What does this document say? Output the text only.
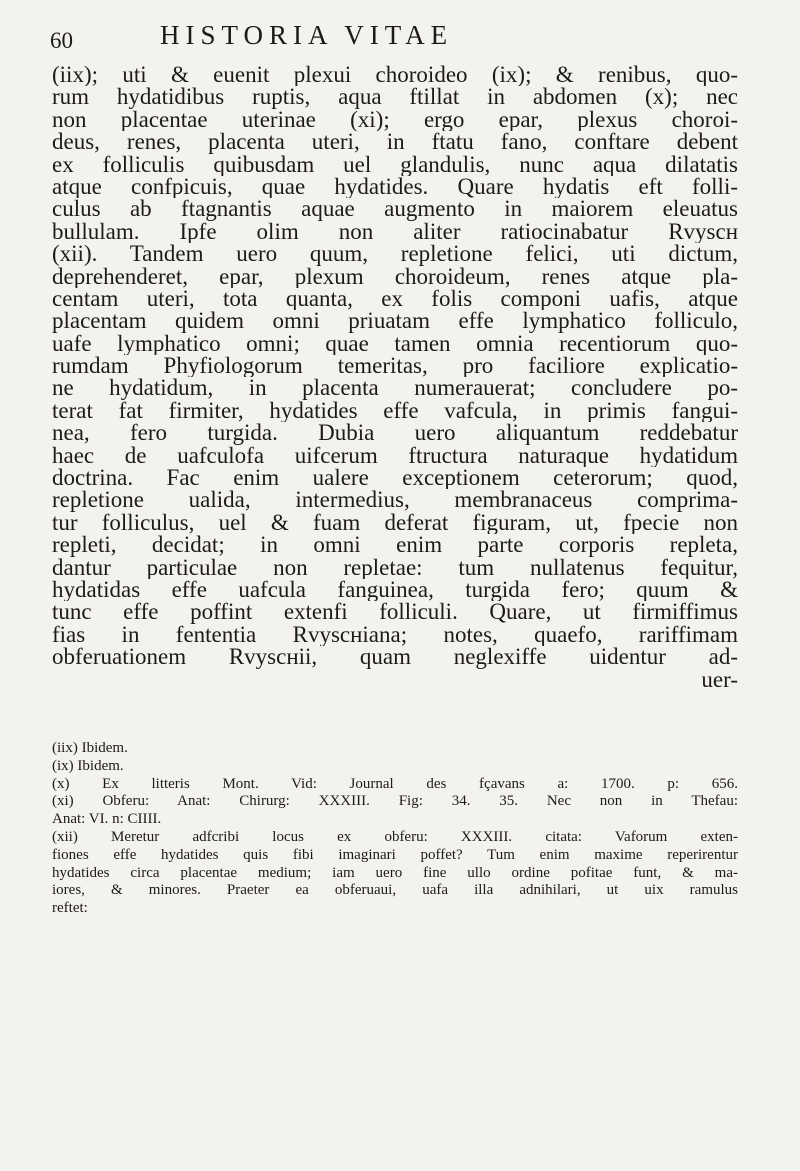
60	HISTORIA VITAE
(iix); uti & euenit plexui choroideo (ix); & renibus, quo-
rum hydatidibus ruptis, aqua ftillat in abdomen (x); nec
non placentae uterinae (xi); ergo epar, plexus choroi-
deus, renes, placenta uteri, in ftatu fano, conftare debent
ex folliculis quibusdam uel glandulis, nunc aqua dilatatis
atque confpicuis, quae hydatides. Quare hydatis eft folli-
culus ab ftagnantis aquae augmento in maiorem eleuatus
bullulam. Ipfe olim non aliter ratiocinabatur Rvyscн
(xii). Tandem uero quum, repletione felici, uti dictum,
deprehenderet, epar, plexum choroideum, renes atque pla-
centam uteri, tota quanta, ex folis componi uafis, atque
placentam quidem omni priuatam effe lymphatico folliculo,
uafe lymphatico omni; quae tamen omnia recentiorum quo-
rumdam Phyfiologorum temeritas, pro faciliore explicatio-
ne hydatidum, in placenta numerauerat; concludere po-
terat fat firmiter, hydatides effe vafcula, in primis fangui-
nea, fero turgida. Dubia uero aliquantum reddebatur
haec de uafculofa uifcerum ftructura naturaque hydatidum
doctrina. Fac enim ualere exceptionem ceterorum; quod,
repletione ualida, intermedius, membranaceus comprima-
tur folliculus, uel & fuam deferat figuram, ut, fpecie non
repleti, decidat; in omni enim parte corporis repleta,
dantur particulae non repletae: tum nullatenus fequitur,
hydatidas effe uafcula fanguinea, turgida fero; quum &
tunc effe poffint extenfi folliculi. Quare, ut firmiffimus
fias in fententia Rvyscнiana; notes, quaefo, rariffimam
obferuationem Rvyscнii, quam neglexiffe uidentur ad-
uer-
(iix) Ibidem.
(ix) Ibidem.
(x) Ex litteris Mont. Vid: Journal des fçavans a: 1700. p: 656.
(xi) Obferu: Anat: Chirurg: XXXIII. Fig: 34. 35. Nec non in Thefau:
Anat: VI. n: CIIII.
(xii) Meretur adfcribi locus ex obferu: XXXIII. citata: Vaforum exten-
fiones effe hydatides quis fibi imaginari poffet? Tum enim maxime reperirentur
hydatides circa placentae medium; iam uero fine ullo ordine pofitae funt, & ma-
iores, & minores. Praeter ea obferuaui, uafa illa adnihilari, ut uix ramulus
reftet:
